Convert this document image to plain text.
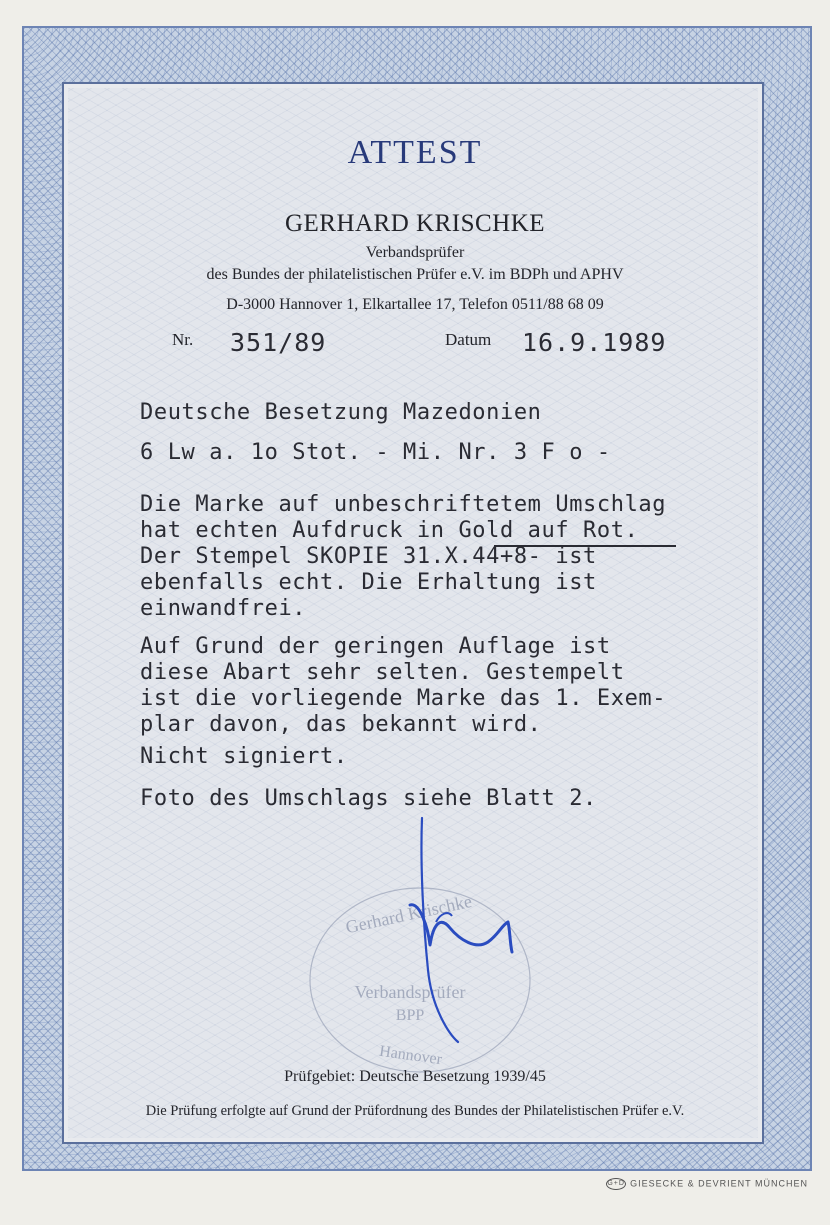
ATTEST
GERHARD KRISCHKE
Verbandsprüfer
des Bundes der philatelistischen Prüfer e.V. im BDPh und APHV
D-3000 Hannover 1, Elkartallee 17, Telefon 0511/88 68 09
Nr. 351/89	Datum 16.9.1989
Deutsche Besetzung Mazedonien
6 Lw a. 1o Stot. - Mi. Nr. 3 F o -
Die Marke auf unbeschriftetem Umschlag
hat echten Aufdruck in Gold auf Rot.
Der Stempel SKOPIE 31.X.44+8- ist
ebenfalls echt. Die Erhaltung ist
einwandfrei.
Auf Grund der geringen Auflage ist
diese Abart sehr selten. Gestempelt
ist die vorliegende Marke das 1. Exem-
plar davon, das bekannt wird.
Nicht signiert.
Foto des Umschlags siehe Blatt 2.
Gerhard Krischke
Verbandsprüfer
BPP
Hannover
Prüfgebiet: Deutsche Besetzung 1939/45
Die Prüfung erfolgte auf Grund der Prüfordnung des Bundes der Philatelistischen Prüfer e.V.
G+D GIESECKE & DEVRIENT MÜNCHEN
